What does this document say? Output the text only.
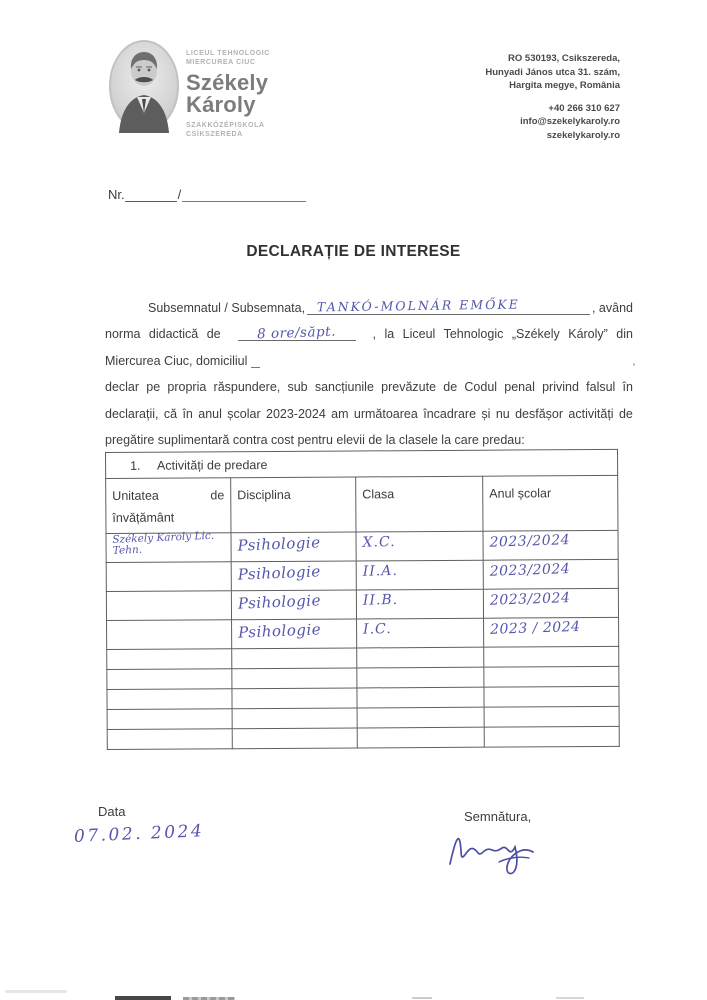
LICEUL TEHNOLOGIC
MIERCUREA CIUC
Székely
Károly
SZAKKÖZÉPISKOLA
CSÍKSZEREDA
RO 530193, Csikszereda,
Hunyadi János utca 31. szám,
Hargita megye, România
+40 266 310 627
info@szekelykaroly.ro
szekelykaroly.ro
Nr.	/
DECLARAȚIE DE INTERESE
Subsemnatul / Subsemnata, TANKÓ-MOLNÁR EMŐKE	, având
norma didactică de	8 ore/săpt.	, la Liceul Tehnologic „Székely Károly” din
Miercurea Ciuc, domiciliul
declar pe propria răspundere, sub sancțiunile prevăzute de Codul penal privind falsul în
declarații, că în anul școlar 2023-2024 am următoarea încadrare și nu desfășor activități de
pregătire suplimentară contra cost pentru elevii de la clasele la care predau:
’
1. Activități de predare			
Unitatea de învățământ	Disciplina	Clasa	Anul școlar

Székely Károly Lic. Tehn.	Psihologie	X.C.	2023/2024

	Psihologie	II.A.	2023/2024

	Psihologie	II.B.	2023/2024

	Psihologie	I.C.	2023 / 2024

Data
07.02. 2024
Semnătura,
